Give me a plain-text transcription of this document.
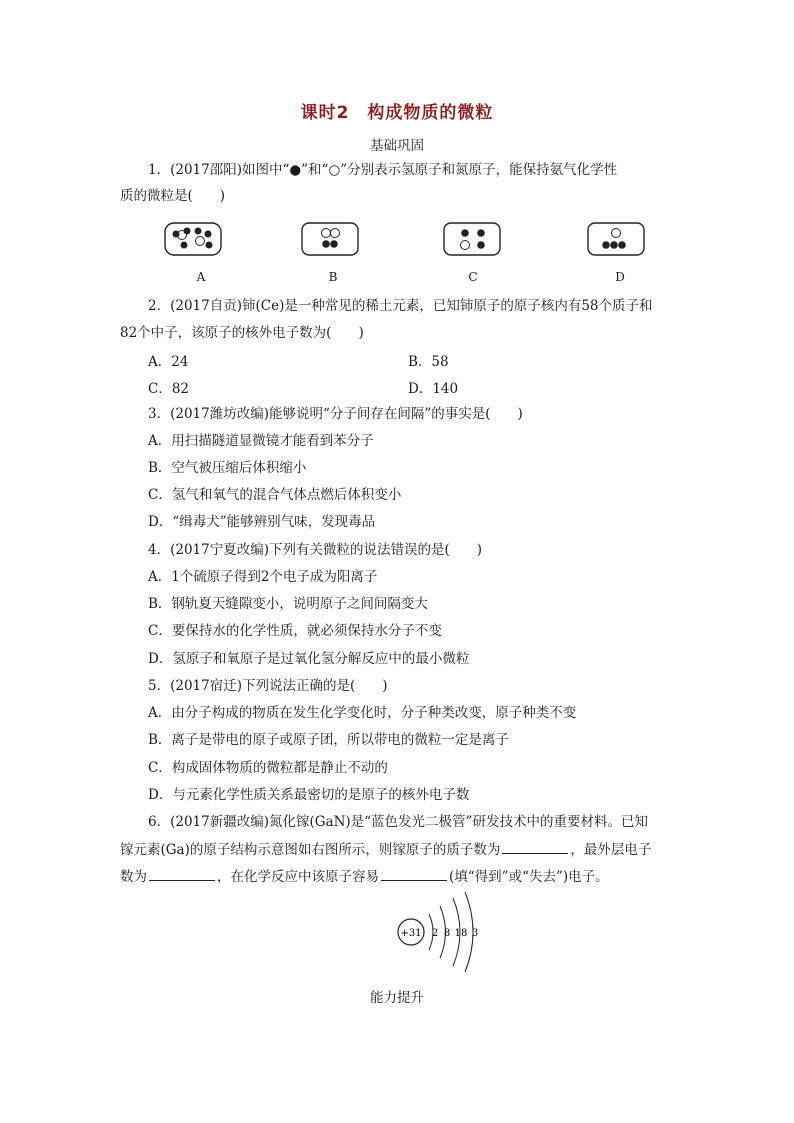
课时2　构成物质的微粒
基础巩固
1．(2017邵阳)如图中“●”和“○”分别表示氢原子和氮原子，能保持氨气化学性
质的微粒是(　　)
A	B	C	D
2．(2017自贡)铈(Ce)是一种常见的稀土元素，已知铈原子的原子核内有58个质子和
82个中子，该原子的核外电子数为(　　)
A．24	B．58
C．82	D．140
3．(2017潍坊改编)能够说明“分子间存在间隔”的事实是(　　)
A．用扫描隧道显微镜才能看到苯分子
B．空气被压缩后体积缩小
C．氢气和氧气的混合气体点燃后体积变小
D．“缉毒犬”能够辨别气味，发现毒品
4．(2017宁夏改编)下列有关微粒的说法错误的是(　　)
A．1个硫原子得到2个电子成为阳离子
B．钢轨夏天缝隙变小，说明原子之间间隔变大
C．要保持水的化学性质，就必须保持水分子不变
D．氢原子和氧原子是过氧化氢分解反应中的最小微粒
5．(2017宿迁)下列说法正确的是(　　)
A．由分子构成的物质在发生化学变化时，分子种类改变，原子种类不变
B．离子是带电的原子或原子团，所以带电的微粒一定是离子
C．构成固体物质的微粒都是静止不动的
D．与元素化学性质关系最密切的是原子的核外电子数
6．(2017新疆改编)氮化镓(GaN)是“蓝色发光二极管”研发技术中的重要材料。已知
镓元素(Ga)的原子结构示意图如右图所示，则镓原子的质子数为	，最外层电子
数为	，在化学反应中该原子容易	(填“得到”或“失去”)电子。
+31 2 8 18 3
能力提升
